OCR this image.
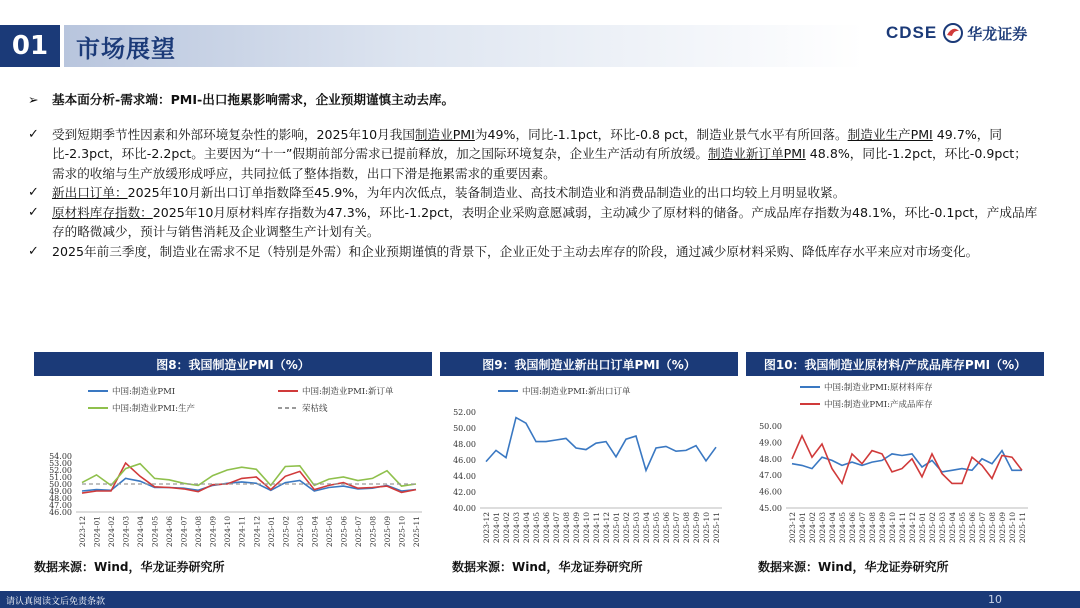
01	市场展望
CDSE 华龙证券
➢	基本面分析-需求端：PMI-出口拖累影响需求，企业预期谨慎主动去库。
✓	受到短期季节性因素和外部环境复杂性的影响，2025年10月我国制造业PMI为49%，同比-1.1pct，环比-0.8 pct，制造业景气水平有所回落。制造业生产PMI 49.7%，同比-2.3pct，环比-2.2pct。主要因为“十一”假期前部分需求已提前释放，加之国际环境复杂，企业生产活动有所放缓。制造业新订单PMI 48.8%，同比-1.2pct，环比-0.9pct；需求的收缩与生产放缓形成呼应，共同拉低了整体指数，出口下滑是拖累需求的重要因素。
✓	新出口订单：2025年10月新出口订单指数降至45.9%，为年内次低点，装备制造业、高技术制造业和消费品制造业的出口均较上月明显收紧。
✓	原材料库存指数：2025年10月原材料库存指数为47.3%，环比-1.2pct，表明企业采购意愿减弱，主动减少了原材料的储备。产成品库存指数为48.1%，环比-0.1pct，产成品库存的略微减少，预计与销售消耗及企业调整生产计划有关。
✓	2025年前三季度，制造业在需求不足（特别是外需）和企业预期谨慎的背景下，企业正处于主动去库存的阶段，通过减少原材料采购、降低库存水平来应对市场变化。
图8：我国制造业PMI（%）
中国:制造业PMI	中国:制造业PMI:新订单
中国:制造业PMI:生产	荣枯线
46.00
47.00
48.00
49.00
50.00
51.00
52.00
53.00
54.00
2023-12 2024-01 2024-02 2024-03 2024-04 2024-05 2024-06 2024-07 2024-08 2024-09 2024-10 2024-11 2024-12 2025-01 2025-02 2025-03 2025-04 2025-05 2025-06 2025-07 2025-08 2025-09 2025-10 2025-11
图9：我国制造业新出口订单PMI（%）
中国:制造业PMI:新出口订单
40.00
42.00
44.00
46.00
48.00
50.00
52.00
2023-12 2024-01 2024-02 2024-03 2024-04 2024-05 2024-06 2024-07 2024-08 2024-09 2024-10 2024-11 2024-12 2025-01 2025-02 2025-03 2025-04 2025-05 2025-06 2025-07 2025-08 2025-09 2025-10 2025-11
图10：我国制造业原材料/产成品库存PMI（%）
中国:制造业PMI:原材料库存
中国:制造业PMI:产成品库存
45.00
46.00
47.00
48.00
49.00
50.00
2023-12 2024-01 2024-02 2024-03 2024-04 2024-05 2024-06 2024-07 2024-08 2024-09 2024-10 2024-11 2024-12 2025-01 2025-02 2025-03 2025-04 2025-05 2025-06 2025-07 2025-08 2025-09 2025-10 2025-11
数据来源：Wind，华龙证券研究所	数据来源：Wind，华龙证券研究所	数据来源：Wind，华龙证券研究所
请认真阅读文后免责条款	10
